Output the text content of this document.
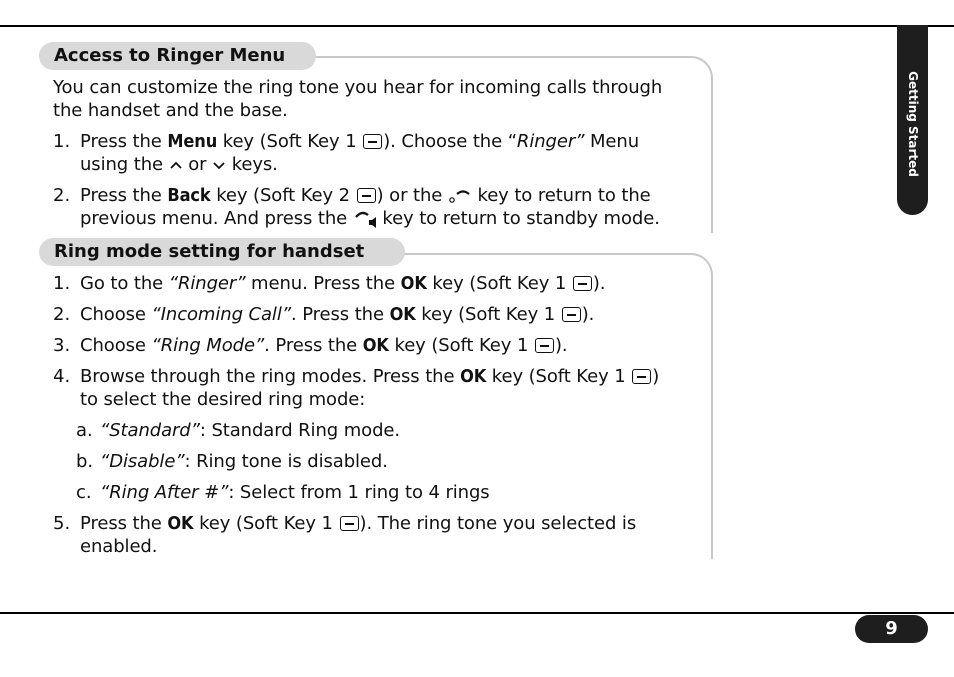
Getting Started
9
Access to Ringer Menu
You can customize the ring tone you hear for incoming calls through
the handset and the base.
1. Press the Menu key (Soft Key 1 ). Choose the “Ringer” Menu
using the  or  keys.
2. Press the Back key (Soft Key 2 ) or the  key to return to the
previous menu. And press the  key to return to standby mode.
Ring mode setting for handset
1. Go to the “Ringer” menu. Press the OK key (Soft Key 1 ).
2. Choose “Incoming Call”. Press the OK key (Soft Key 1 ).
3. Choose “Ring Mode”. Press the OK key (Soft Key 1 ).
4. Browse through the ring modes. Press the OK key (Soft Key 1 )
to select the desired ring mode:
a. “Standard”: Standard Ring mode.
b. “Disable”: Ring tone is disabled.
c. “Ring After #”: Select from 1 ring to 4 rings
5. Press the OK key (Soft Key 1 ). The ring tone you selected is
enabled.
